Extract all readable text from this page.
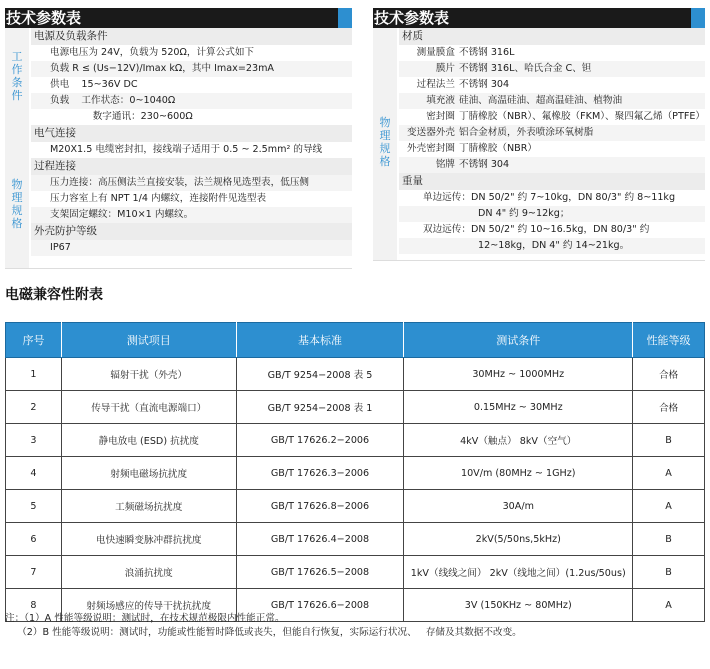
技术参数表
工作条件
物理规格
电源及负载条件
电源电压为 24V，负载为 520Ω，计算公式如下
负载 R ≤ (Us−12V)/Imax kΩ，其中 Imax=23mA
供电    15~36V DC
负载    工作状态：0~1040Ω
数字通讯：230~600Ω
电气连接
M20X1.5 电缆密封扣，接线端子适用于 0.5 ~ 2.5mm² 的导线
过程连接
压力连接：高压侧法兰直接安装，法兰规格见选型表，低压侧
压力容室上有 NPT 1/4 内螺纹，连接附件见选型表
支架固定螺纹：M10×1 内螺纹。
外壳防护等级
IP67
技术参数表
物理规格
材质
测量膜盒 不锈钢 316L
膜片 不锈钢 316L、哈氏合金 C、钽
过程法兰 不锈钢 304
填充液 硅油、高温硅油、超高温硅油、植物油
密封圈 丁腈橡胶（NBR）、氟橡胶（FKM）、聚四氟乙烯（PTFE）
变送器外壳 铝合金材质，外表喷涂环氧树脂
外壳密封圈 丁腈橡胶（NBR）
铭牌 不锈钢 304
重量
单边远传：DN 50/2" 约 7~10kg，DN 80/3" 约 8~11kg
DN 4" 约 9~12kg；
双边远传：DN 50/2" 约 10~16.5kg，DN 80/3" 约
12~18kg，DN 4" 约 14~21kg。
电磁兼容性附表
序号	测试项目	基本标准	测试条件	性能等级
1	辐射干扰（外壳）	GB/T 9254−2008 表 5	30MHz ~ 1000MHz	合格
2	传导干扰（直流电源端口）	GB/T 9254−2008 表 1	0.15MHz ~ 30MHz	合格
3	静电放电 (ESD) 抗扰度	GB/T 17626.2−2006	4kV（触点） 8kV（空气）	B
4	射频电磁场抗扰度	GB/T 17626.3−2006	10V/m (80MHz ~ 1GHz)	A
5	工频磁场抗扰度	GB/T 17626.8−2006	30A/m	A
6	电快速瞬变脉冲群抗扰度	GB/T 17626.4−2008	2kV(5/50ns,5kHz)	B
7	浪涌抗扰度	GB/T 17626.5−2008	1kV（线线之间） 2kV（线地之间）(1.2us/50us)	B
8	射频场感应的传导干扰抗扰度	GB/T 17626.6−2008	3V (150KHz ~ 80MHz)	A
注：（1）A 性能等级说明：测试时，在技术规范极限内性能正常。
（2）B 性能等级说明：测试时，功能或性能暂时降低或丧失，但能自行恢复，实际运行状况、   存储及其数据不改变。
